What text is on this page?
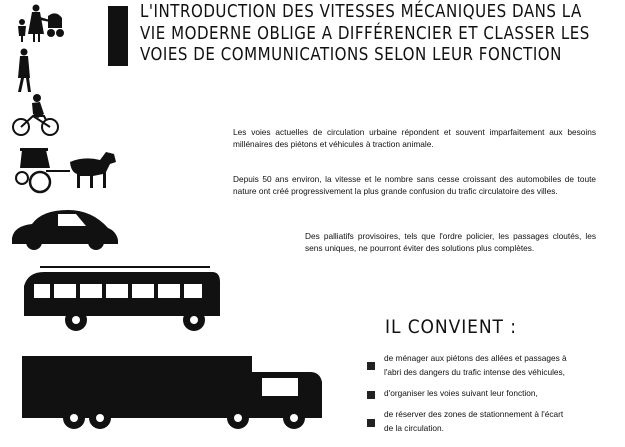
L'INTRODUCTION DES VITESSES MÉCANIQUES DANS LA
VIE MODERNE OBLIGE A DIFFÉRENCIER ET CLASSER LES
VOIES DE COMMUNICATIONS SELON LEUR FONCTION
Les voies actuelles de circulation urbaine répondent et souvent imparfaitement aux besoins millénaires des piétons et véhicules à traction animale.
Depuis 50 ans environ, la vitesse et le nombre sans cesse croissant des automobiles de toute nature ont créé progressivement la plus grande confusion du trafic circulatoire des villes.
Des palliatifs provisoires, tels que l'ordre policier, les passages cloutés, les sens uniques, ne pourront éviter des solutions plus complètes.
IL CONVIENT :
de ménager aux piétons des allées et passages à
l'abri des dangers du trafic intense des véhicules,
d'organiser les voies suivant leur fonction,
de réserver des zones de stationnement à l'écart
de la circulation.
